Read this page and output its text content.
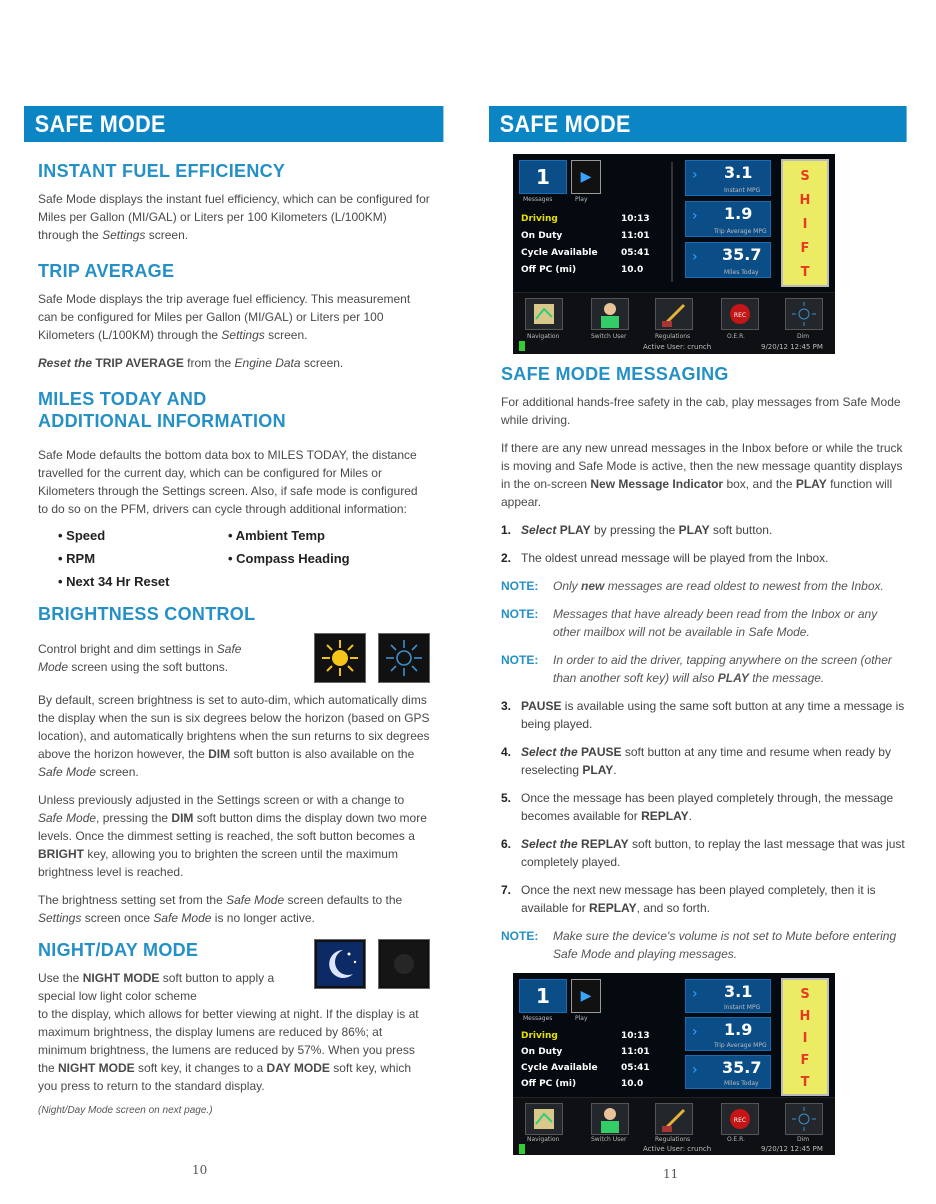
SAFE MODE
INSTANT FUEL EFFICIENCY

Safe Mode displays the instant fuel efficiency, which can be configured for Miles per Gallon (MI/GAL) or Liters per 100 Kilometers (L/100KM) through the Settings screen.

TRIP AVERAGE

Safe Mode displays the trip average fuel efficiency. This measurement can be configured for Miles per Gallon (MI/GAL) or Liters per 100 Kilometers (L/100KM) through the Settings screen.

Reset the TRIP AVERAGE from the Engine Data screen.

MILES TODAY AND
ADDITIONAL INFORMATION

Safe Mode defaults the bottom data box to MILES TODAY, the distance travelled for the current day, which can be configured for Miles or Kilometers through the Settings screen. Also, if safe mode is configured to do so on the PFM, drivers can cycle through additional information:

• Speed	• Ambient Temp
• RPM	• Compass Heading
• Next 34 Hr Reset
BRIGHTNESS CONTROL

Control bright and dim settings in Safe Mode screen using the soft buttons.

By default, screen brightness is set to auto-dim, which automatically dims the display when the sun is six degrees below the horizon (based on GPS location), and automatically brightens when the sun returns to six degrees above the horizon however, the DIM soft button is also available on the Safe Mode screen.

Unless previously adjusted in the Settings screen or with a change to Safe Mode, pressing the DIM soft button dims the display down two more levels. Once the dimmest setting is reached, the soft button becomes a BRIGHT key, allowing you to brighten the screen until the maximum brightness level is reached.

The brightness setting set from the Safe Mode screen defaults to the Settings screen once Safe Mode is no longer active.

NIGHT/DAY MODE

Use the NIGHT MODE soft button to apply a special low light color scheme

to the display, which allows for better viewing at night. If the display is at maximum brightness, the display lumens are reduced by 86%; at minimum brightness, the lumens are reduced by 57%. When you press the NIGHT MODE soft key, it changes to a DAY MODE soft key, which you press to return to the standard display.

(Night/Day Mode screen on next page.)

10
SAFE MODE
1	▶
Messages	Play
Driving	10:13
On Duty	11:01
Cycle Available	05:41
Off PC (mi)	10.0
› 3.1
Instant MPG
› 1.9
Trip Average MPG
› 35.7
Miles Today
S
H
I
F
T
REC
Navigation	Switch User	Regulations	O.E.R.	Dim
Active User: crunch	9/20/12 12:45 PM
SAFE MODE MESSAGING

For additional hands-free safety in the cab, play messages from Safe Mode while driving.

If there are any new unread messages in the Inbox before or while the truck is moving and Safe Mode is active, then the new message quantity displays in the on-screen New Message Indicator box, and the PLAY function will appear.

1. Select PLAY by pressing the PLAY soft button.
2. The oldest unread message will be played from the Inbox.
NOTE:	Only new messages are read oldest to newest from the Inbox.
NOTE:	Messages that have already been read from the Inbox or any other mailbox will not be available in Safe Mode.
NOTE:	In order to aid the driver, tapping anywhere on the screen (other than another soft key) will also PLAY the message.
3. PAUSE is available using the same soft button at any time a message is being played.
4. Select the PAUSE soft button at any time and resume when ready by reselecting PLAY.
5. Once the message has been played completely through, the message becomes available for REPLAY.
6. Select the REPLAY soft button, to replay the last message that was just completely played.
7. Once the next new message has been played completely, then it is available for REPLAY, and so forth.
NOTE:	Make sure the device's volume is not set to Mute before entering Safe Mode and playing messages.
1	▶
Messages	Play
Driving	10:13
On Duty	11:01
Cycle Available	05:41
Off PC (mi)	10.0
› 3.1
Instant MPG
› 1.9
Trip Average MPG
› 35.7
Miles Today
S
H
I
F
T
REC
Navigation	Switch User	Regulations	O.E.R.	Dim
Active User: crunch	9/20/12 12:45 PM
11
